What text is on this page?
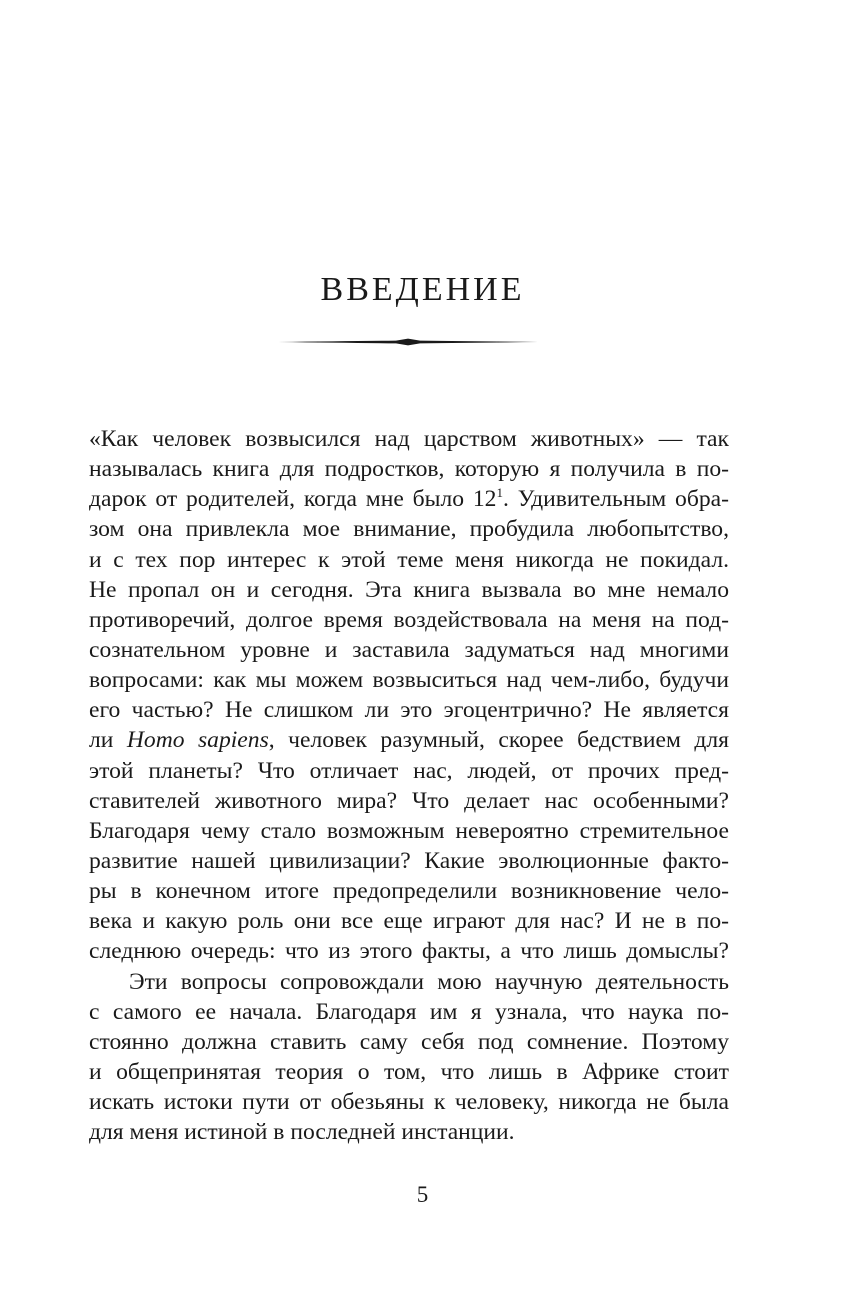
ВВЕДЕНИЕ
«Как человек возвысился над царством животных» — так
называлась книга для подростков, которую я получила в по-
дарок от родителей, когда мне было $12^1$. Удивительным обра-
зом она привлекла мое внимание, пробудила любопытство,
и с тех пор интерес к этой теме меня никогда не покидал.
Не пропал он и сегодня. Эта книга вызвала во мне немало
противоречий, долгое время воздействовала на меня на под-
сознательном уровне и заставила задуматься над многими
вопросами: как мы можем возвыситься над чем-либо, будучи
его частью? Не слишком ли это эгоцентрично? Не является
ли Homo sapiens, человек разумный, скорее бедствием для
этой планеты? Что отличает нас, людей, от прочих пред-
ставителей животного мира? Что делает нас особенными?
Благодаря чему стало возможным невероятно стремительное
развитие нашей цивилизации? Какие эволюционные факто-
ры в конечном итоге предопределили возникновение чело-
века и какую роль они все еще играют для нас? И не в по-
следнюю очередь: что из этого факты, а что лишь домыслы?
Эти вопросы сопровождали мою научную деятельность
с самого ее начала. Благодаря им я узнала, что наука по-
стоянно должна ставить саму себя под сомнение. Поэтому
и общепринятая теория о том, что лишь в Африке стоит
искать истоки пути от обезьяны к человеку, никогда не была
для меня истиной в последней инстанции.
5
